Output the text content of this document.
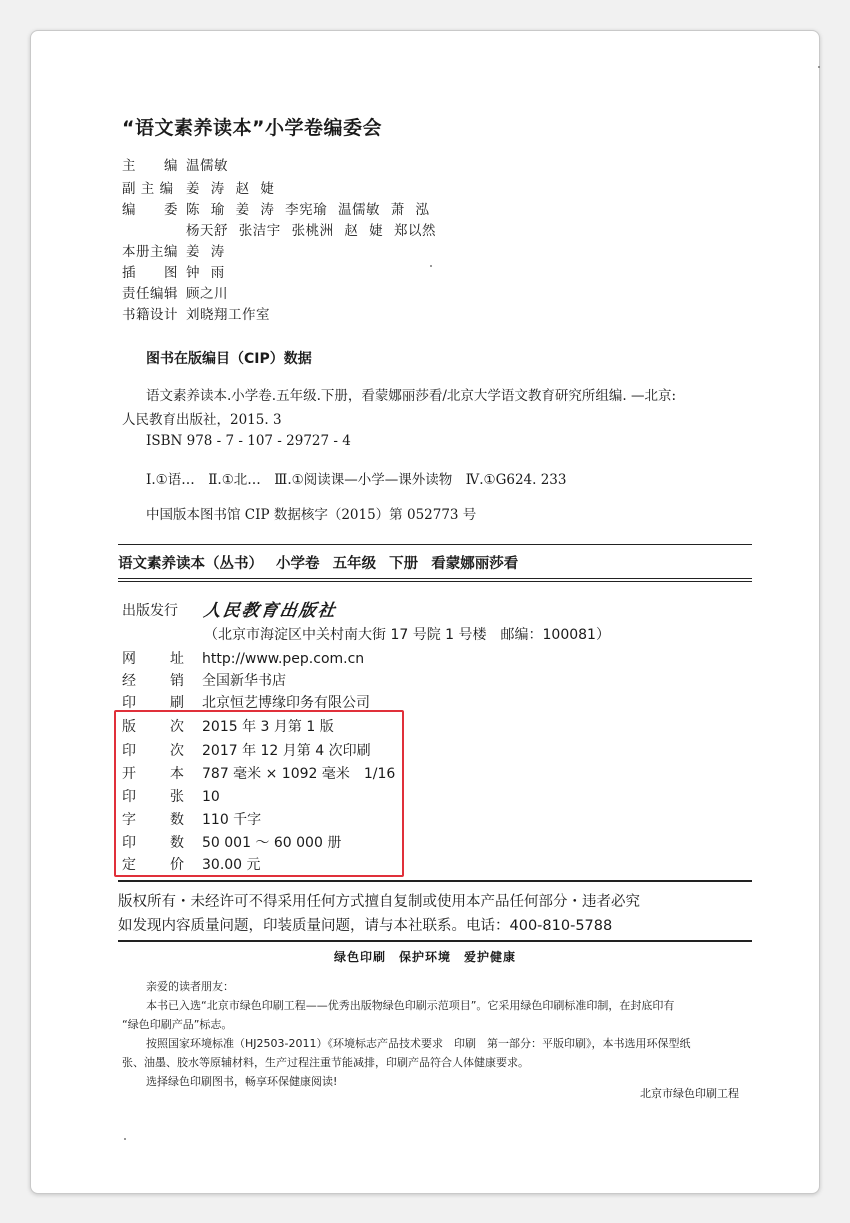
“语文素养读本”小学卷编委会
主　　编 温儒敏
副 主 编 姜 涛 赵 婕
编　　委 陈 瑜 姜 涛 李宪瑜 温儒敏 萧 泓
杨天舒 张洁宇 张桃洲 赵 婕 郑以然
本册主编 姜 涛
插　　图 钟 雨
责任编辑 顾之川
书籍设计 刘晓翔工作室
图书在版编目（CIP）数据
语文素养读本.小学卷.五年级.下册，看蒙娜丽莎看/北京大学语文教育研究所组编. —北京:
人民教育出版社，2015. 3
ISBN 978 - 7 - 107 - 29727 - 4
Ⅰ.①语…　Ⅱ.①北…　Ⅲ.①阅读课—小学—课外读物　Ⅳ.①G624. 233
中国版本图书馆 CIP 数据核字（2015）第 052773 号
语文素养读本（丛书） 小学卷 五年级 下册 看蒙娜丽莎看
出版发行 人民教育出版社
（北京市海淀区中关村南大街 17 号院 1 号楼　邮编：100081）
网 址 http://www.pep.com.cn
经 销 全国新华书店
印 刷 北京恒艺博缘印务有限公司
版 次 2015 年 3 月第 1 版
印 次 2017 年 12 月第 4 次印刷
开 本 787 毫米 × 1092 毫米　1/16
印 张 10
字 数 110 千字
印 数 50 001 ～ 60 000 册
定 价 30.00 元
版权所有・未经许可不得采用任何方式擅自复制或使用本产品任何部分・违者必究
如发现内容质量问题，印装质量问题，请与本社联系。电话：400-810-5788
绿色印刷　保护环境　爱护健康
亲爱的读者朋友：
本书已入选“北京市绿色印刷工程——优秀出版物绿色印刷示范项目”。它采用绿色印刷标准印制，在封底印有
“绿色印刷产品”标志。
按照国家环境标准（HJ2503-2011）《环境标志产品技术要求　印刷　第一部分：平版印刷》，本书选用环保型纸
张、油墨、胶水等原辅材料，生产过程注重节能减排，印刷产品符合人体健康要求。
选择绿色印刷图书，畅享环保健康阅读!
北京市绿色印刷工程
